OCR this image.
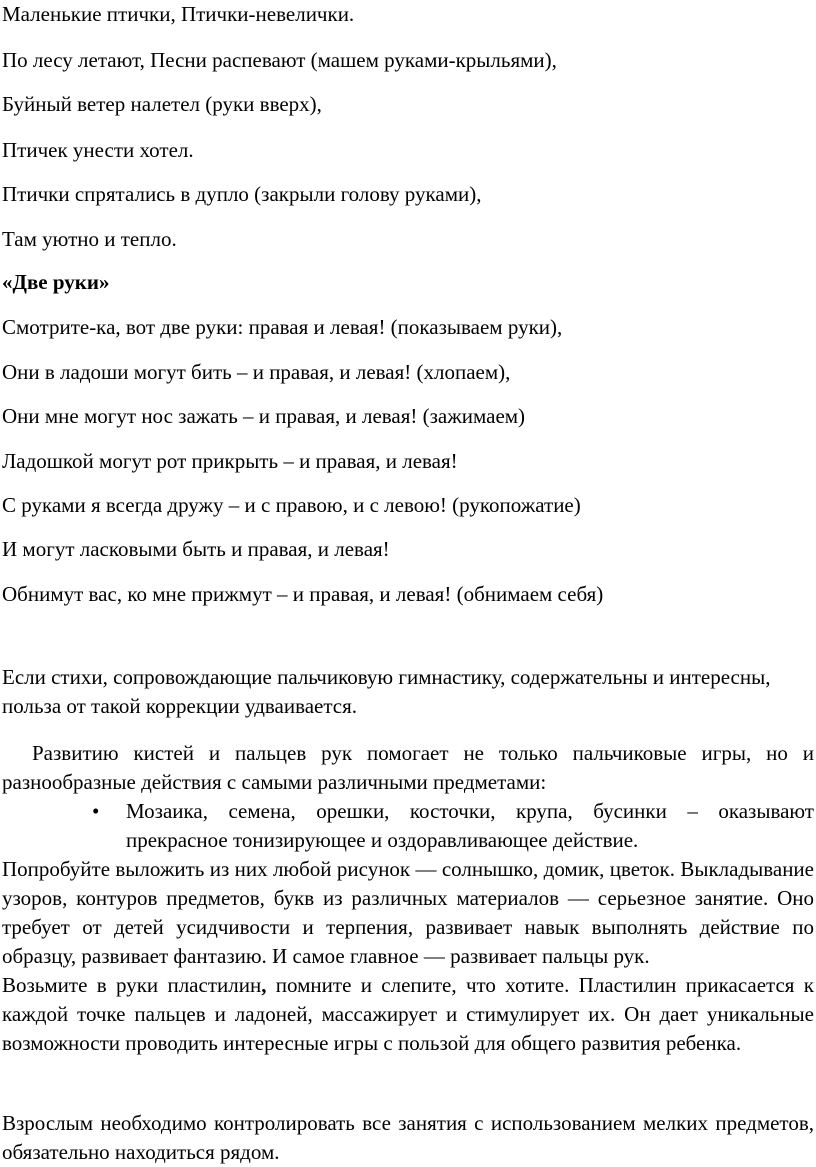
Маленькие птички, Птички-невелички.
По лесу летают, Песни распевают (машем руками-крыльями),
Буйный ветер налетел (руки вверх),
Птичек унести хотел.
Птички спрятались в дупло (закрыли голову руками),
Там уютно и тепло.
«Две руки»
Смотрите-ка, вот две руки: правая и левая! (показываем руки),
Они в ладоши могут бить – и правая, и левая! (хлопаем),
Они мне могут нос зажать – и правая, и левая! (зажимаем)
Ладошкой могут рот прикрыть – и правая, и левая!
С руками я всегда дружу – и с правою, и с левою! (рукопожатие)
И могут ласковыми быть и правая, и левая!
Обнимут вас, ко мне прижмут – и правая, и левая! (обнимаем себя)
Если стихи, сопровождающие пальчиковую гимнастику, содержательны и интересны, польза от такой коррекции удваивается.
Развитию кистей и пальцев рук помогает не только пальчиковые игры, но и разнообразные действия с самыми различными предметами:
•	Мозаика, семена, орешки, косточки, крупа, бусинки – оказывают прекрасное тонизирующее и оздоравливающее действие.
Попробуйте выложить из них любой рисунок — солнышко, домик, цветок. Выкладывание узоров, контуров предметов, букв из различных материалов — серьезное занятие. Оно требует от детей усидчивости и терпения, развивает навык выполнять действие по образцу, развивает фантазию. И самое главное — развивает пальцы рук.
Возьмите в руки пластилин, помните и слепите, что хотите. Пластилин прикасается к каждой точке пальцев и ладоней, массажирует и стимулирует их. Он дает уникальные возможности проводить интересные игры с пользой для общего развития ребенка.
Взрослым необходимо контролировать все занятия с использованием мелких предметов, обязательно находиться рядом.
